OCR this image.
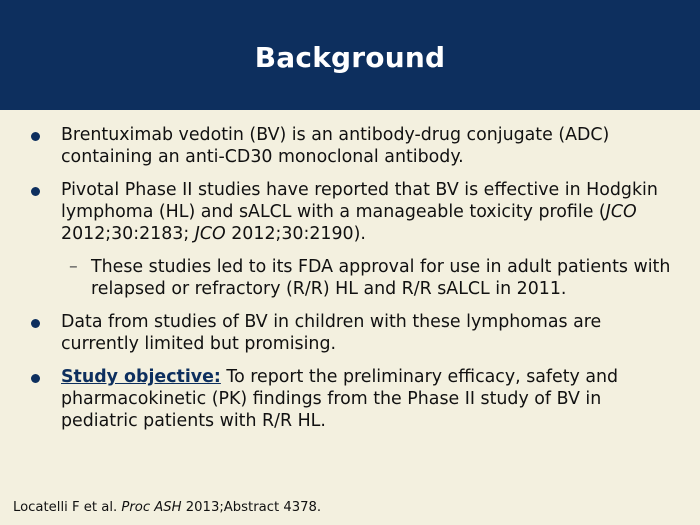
Background
Brentuximab vedotin (BV) is an antibody-drug conjugate (ADC) containing an anti-CD30 monoclonal antibody.
Pivotal Phase II studies have reported that BV is effective in Hodgkin lymphoma (HL) and sALCL with a manageable toxicity profile (JCO 2012;30:2183; JCO 2012;30:2190).
– These studies led to its FDA approval for use in adult patients with relapsed or refractory (R/R) HL and R/R sALCL in 2011.
Data from studies of BV in children with these lymphomas are currently limited but promising.
Study objective: To report the preliminary efficacy, safety and pharmacokinetic (PK) findings from the Phase II study of BV in pediatric patients with R/R HL.
Locatelli F et al. Proc ASH 2013;Abstract 4378.
